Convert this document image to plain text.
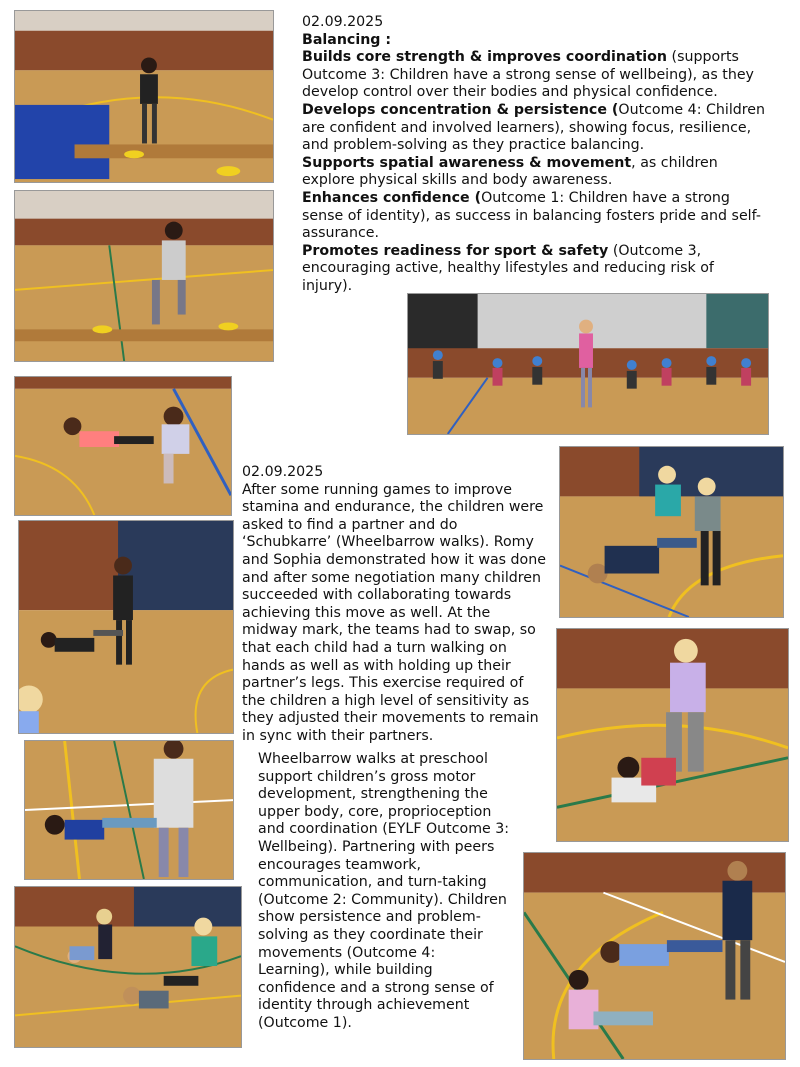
02.09.2025

Balancing :

Builds core strength & improves coordination (supports Outcome 3: Children have a strong sense of wellbeing), as they develop control over their bodies and physical confidence.

Develops concentration & persistence (Outcome 4: Children are confident and involved learners), showing focus, resilience, and problem-solving as they practice balancing.

Supports spatial awareness & movement, as children explore physical skills and body awareness.

Enhances confidence (Outcome 1: Children have a strong sense of identity), as success in balancing fosters pride and self-assurance.

Promotes readiness for sport & safety (Outcome 3, encouraging active, healthy lifestyles and reducing risk of injury).

02.09.2025

After some running games to improve stamina and endurance, the children were asked to find a partner and do ‘Schubkarre’ (Wheelbarrow walks). Romy and Sophia demonstrated how it was done and after some negotiation many children succeeded with collaborating towards achieving this move as well. At the midway mark, the teams had to swap, so that each child had a turn walking on hands as well as with holding up their partner’s legs. This exercise required of the children a high level of sensitivity as they adjusted their movements to remain in sync with their partners.

Wheelbarrow walks at preschool support children’s gross motor development, strengthening the upper body, core, proprioception and coordination (EYLF Outcome 3: Wellbeing). Partnering with peers encourages teamwork, communication, and turn-taking (Outcome 2: Community). Children show persistence and problem-solving as they coordinate their movements (Outcome 4: Learning), while building confidence and a strong sense of identity through achievement (Outcome 1).
